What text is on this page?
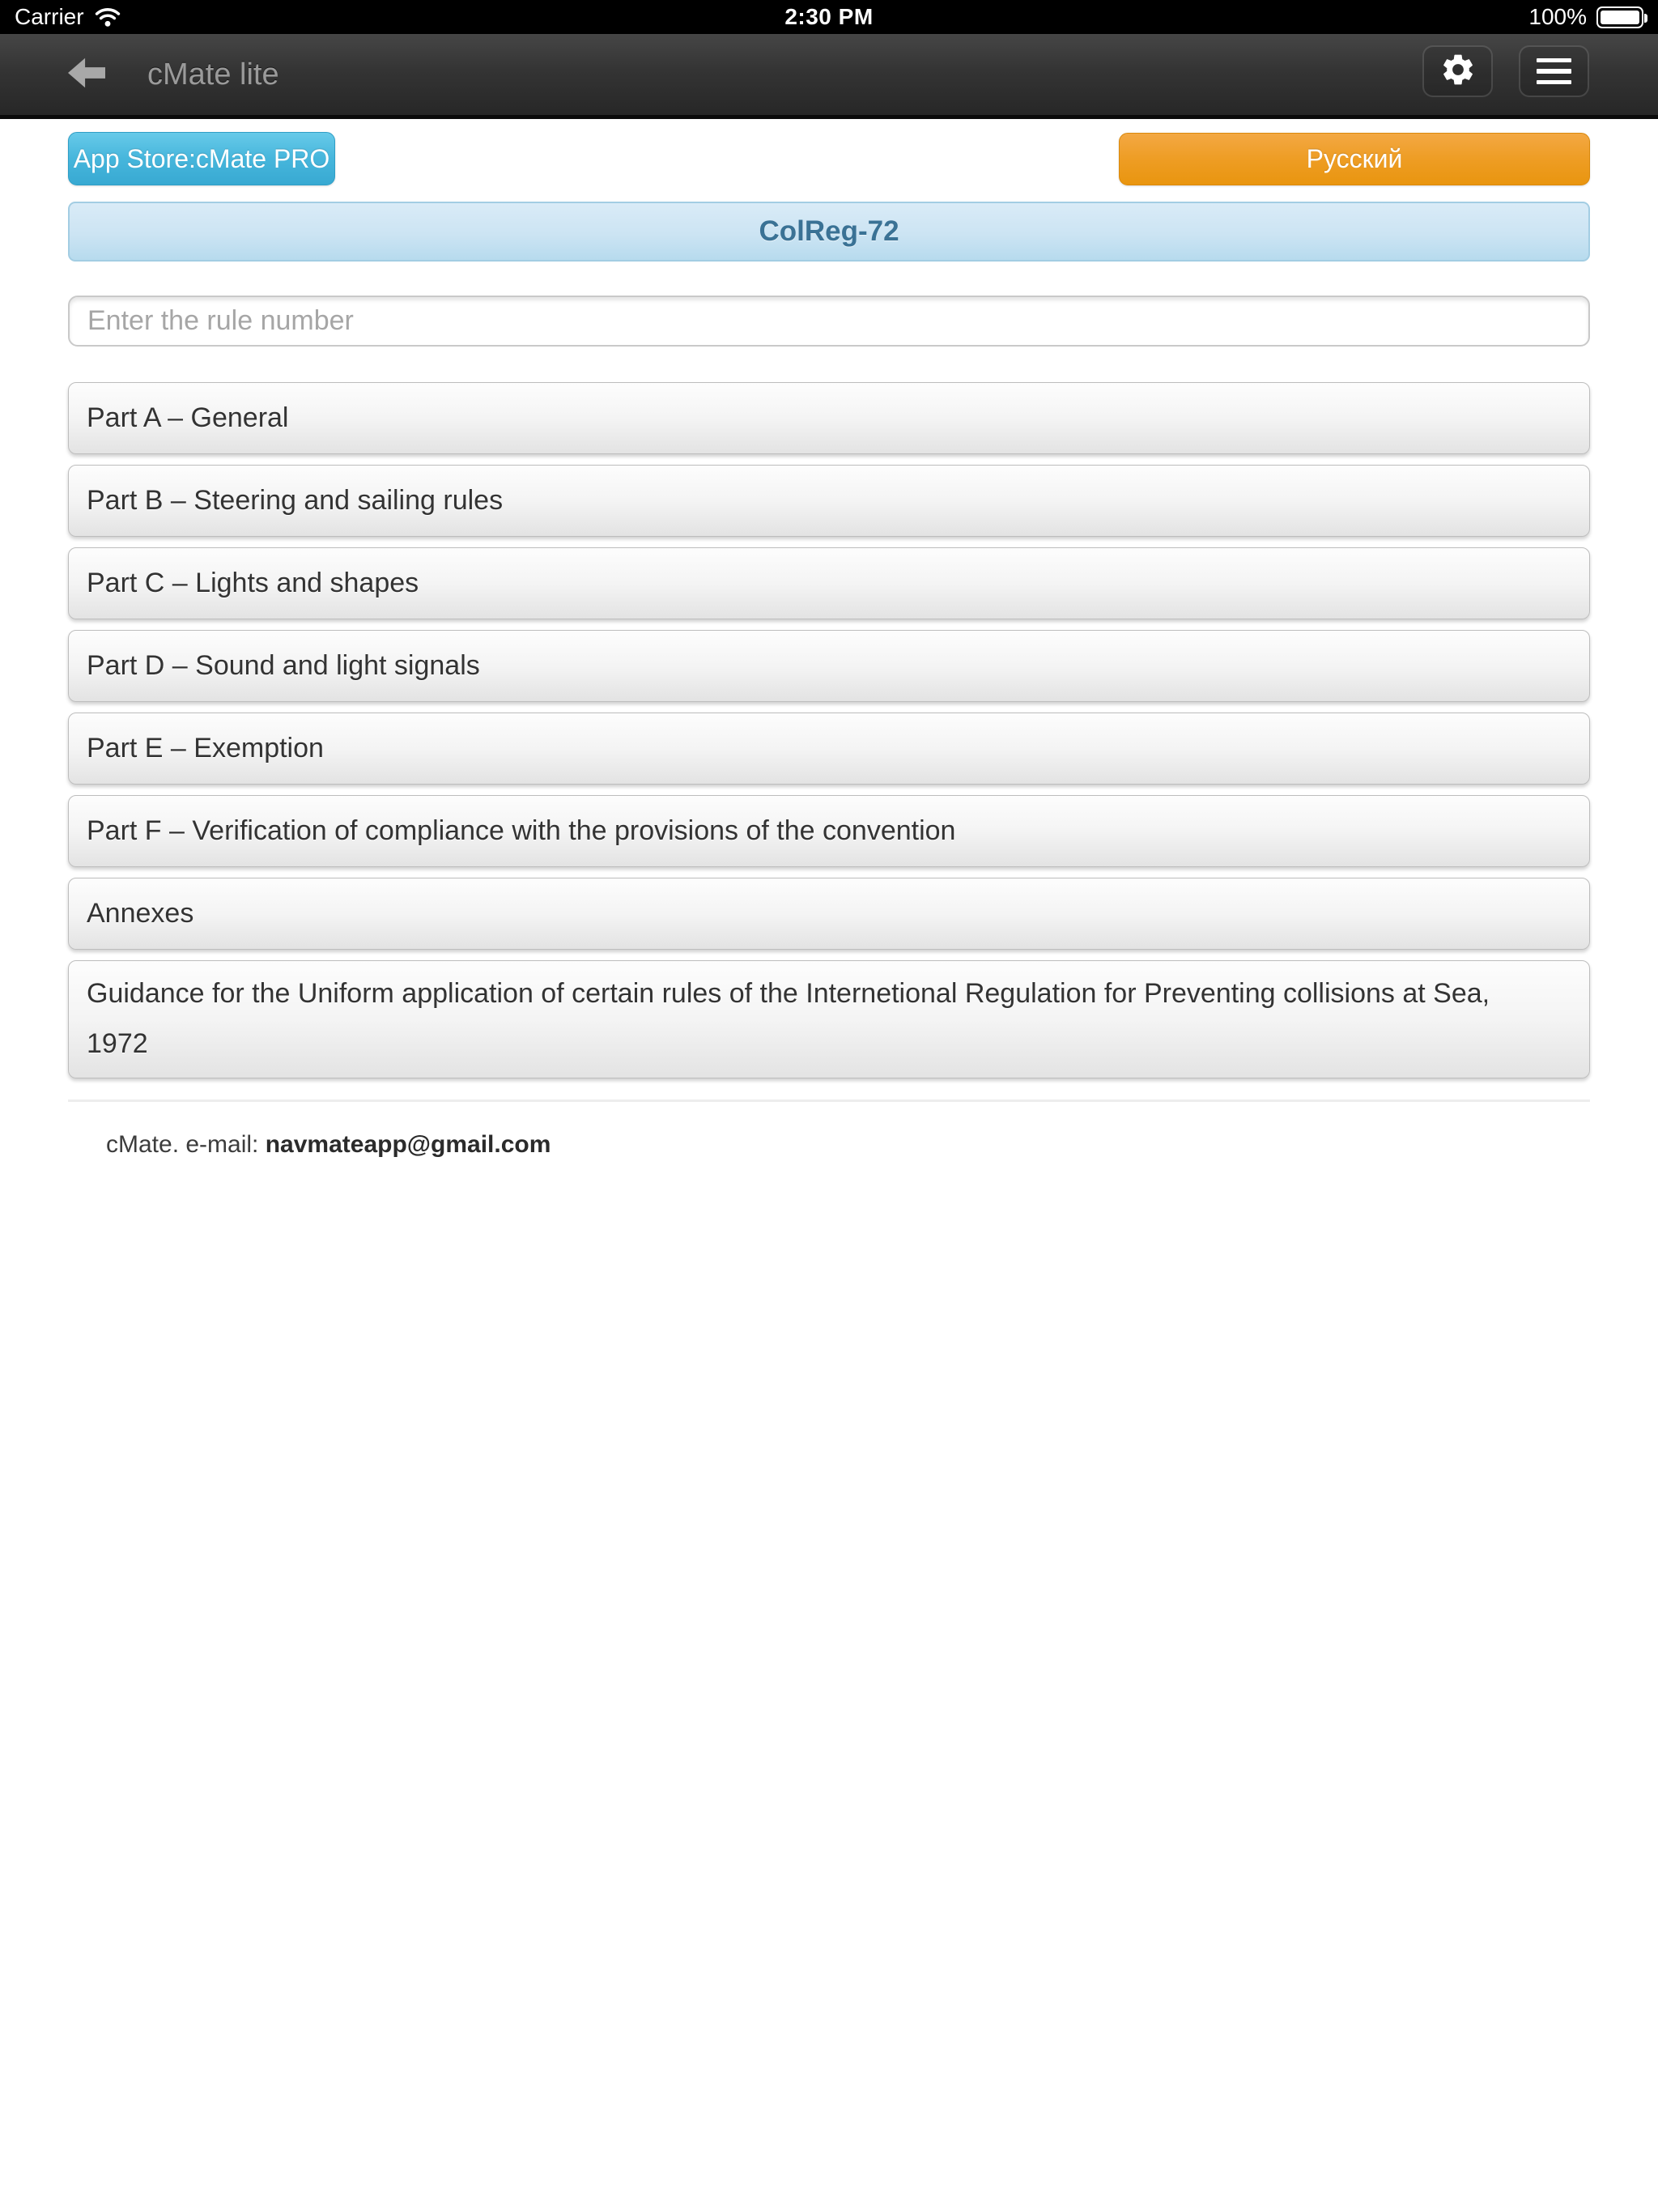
Carrier	2:30 PM	100%
cMate lite
App Store:cMate PRO	Русский
ColReg-72
Enter the rule number
Part A – General
Part B – Steering and sailing rules
Part C – Lights and shapes
Part D – Sound and light signals
Part E – Exemption
Part F – Verification of compliance with the provisions of the convention
Annexes
Guidance for the Uniform application of certain rules of the Internetional Regulation for Preventing collisions at Sea, 1972
cMate. e-mail: navmateapp@gmail.com
